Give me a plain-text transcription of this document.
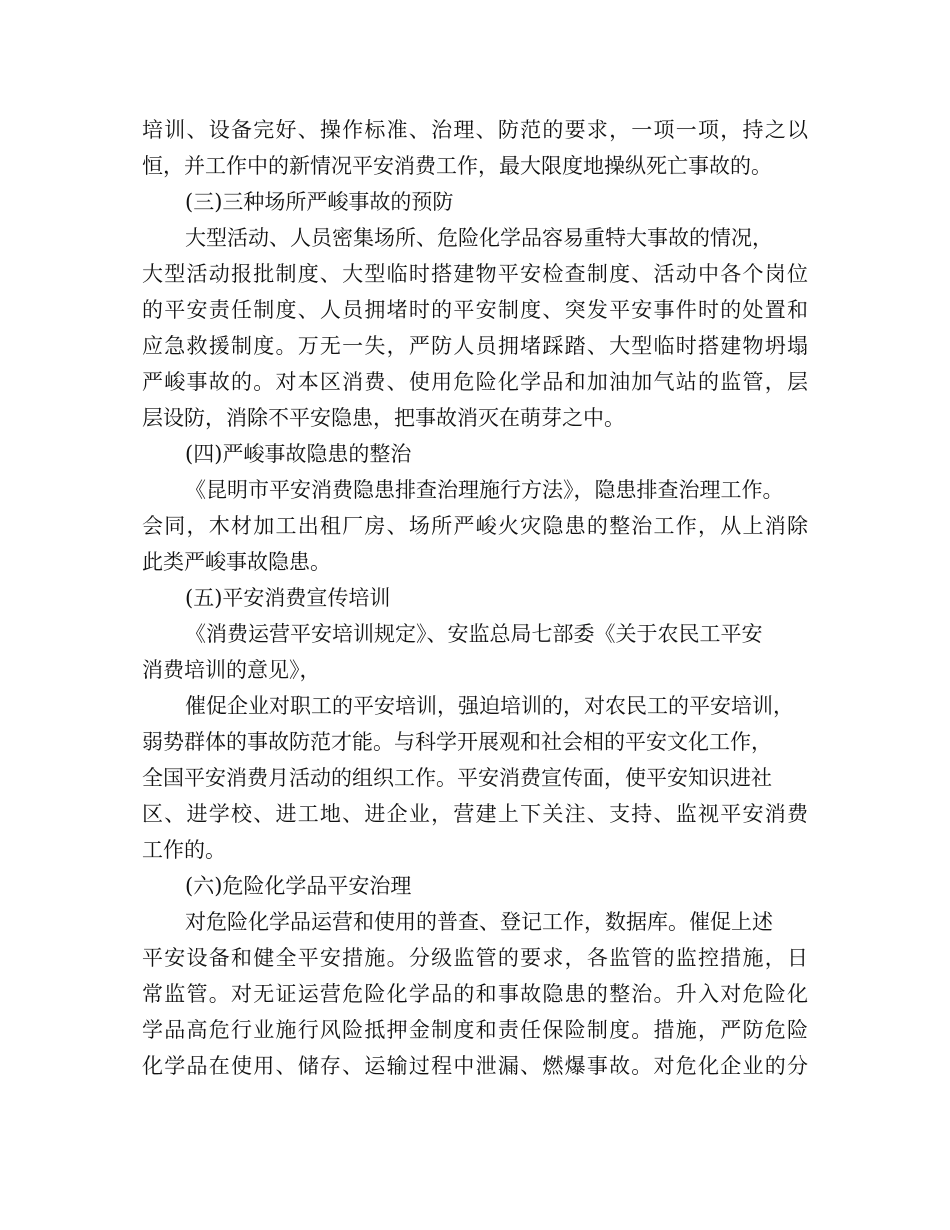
培训、设备完好、操作标准、治理、防范的要求，一项一项，持之以
恒，并工作中的新情况平安消费工作，最大限度地操纵死亡事故的。
(三)三种场所严峻事故的预防
大型活动、人员密集场所、危险化学品容易重特大事故的情况，
大型活动报批制度、大型临时搭建物平安检查制度、活动中各个岗位
的平安责任制度、人员拥堵时的平安制度、突发平安事件时的处置和
应急救援制度。万无一失，严防人员拥堵踩踏、大型临时搭建物坍塌
严峻事故的。对本区消费、使用危险化学品和加油加气站的监管，层
层设防，消除不平安隐患，把事故消灭在萌芽之中。
(四)严峻事故隐患的整治
《昆明市平安消费隐患排查治理施行方法》，隐患排查治理工作。
会同，木材加工出租厂房、场所严峻火灾隐患的整治工作，从上消除
此类严峻事故隐患。
(五)平安消费宣传培训
《消费运营平安培训规定》、安监总局七部委《关于农民工平安
消费培训的意见》，
催促企业对职工的平安培训，强迫培训的，对农民工的平安培训，
弱势群体的事故防范才能。与科学开展观和社会相的平安文化工作，
全国平安消费月活动的组织工作。平安消费宣传面，使平安知识进社
区、进学校、进工地、进企业，营建上下关注、支持、监视平安消费
工作的。
(六)危险化学品平安治理
对危险化学品运营和使用的普查、登记工作，数据库。催促上述
平安设备和健全平安措施。分级监管的要求，各监管的监控措施，日
常监管。对无证运营危险化学品的和事故隐患的整治。升入对危险化
学品高危行业施行风险抵押金制度和责任保险制度。措施，严防危险
化学品在使用、储存、运输过程中泄漏、燃爆事故。对危化企业的分
